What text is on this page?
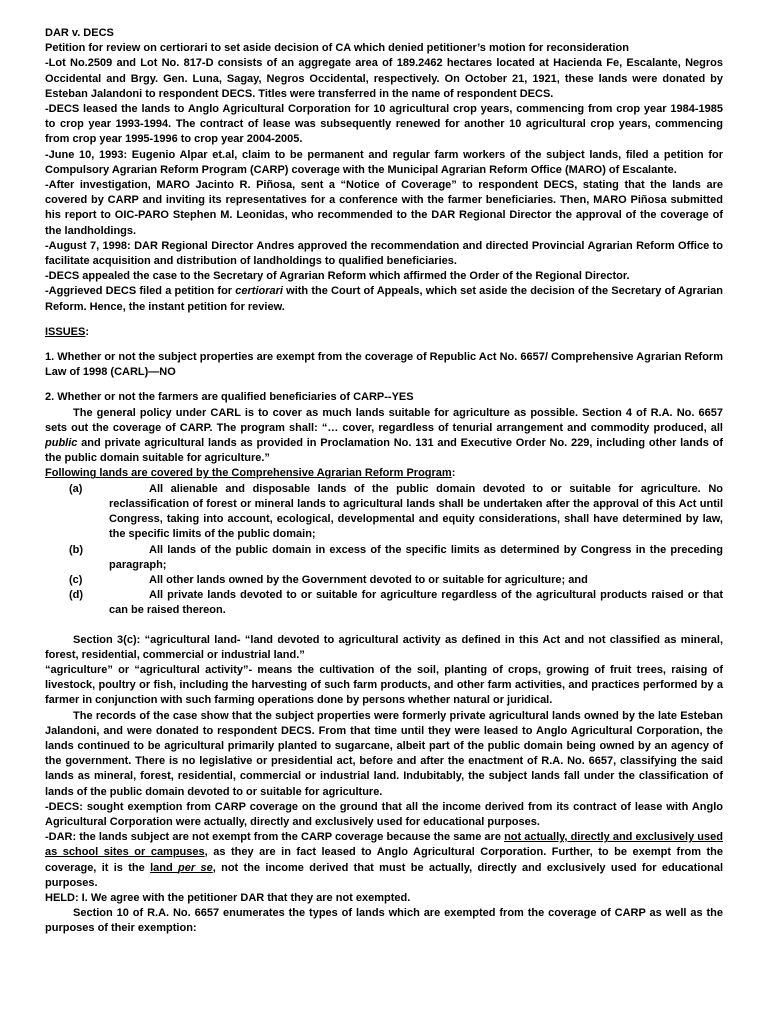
DAR v. DECS

Petition for review on certiorari to set aside decision of CA which denied petitioner’s motion for reconsideration

-Lot No.2509 and Lot No. 817-D consists of an aggregate area of 189.2462 hectares located at Hacienda Fe, Escalante, Negros Occidental and Brgy. Gen. Luna, Sagay, Negros Occidental, respectively. On October 21, 1921, these lands were donated by Esteban Jalandoni to respondent DECS. Titles were transferred in the name of respondent DECS.

-DECS leased the lands to Anglo Agricultural Corporation for 10 agricultural crop years, commencing from crop year 1984-1985 to crop year 1993-1994. The contract of lease was subsequently renewed for another 10 agricultural crop years, commencing from crop year 1995-1996 to crop year 2004-2005.

-June 10, 1993: Eugenio Alpar et.al, claim to be permanent and regular farm workers of the subject lands, filed a petition for Compulsory Agrarian Reform Program (CARP) coverage with the Municipal Agrarian Reform Office (MARO) of Escalante.

-After investigation, MARO Jacinto R. Piñosa, sent a “Notice of Coverage” to respondent DECS, stating that the lands are covered by CARP and inviting its representatives for a conference with the farmer beneficiaries. Then, MARO Piñosa submitted his report to OIC-PARO Stephen M. Leonidas, who recommended to the DAR Regional Director the approval of the coverage of the landholdings.

-August 7, 1998: DAR Regional Director Andres approved the recommendation and directed Provincial Agrarian Reform Office to facilitate acquisition and distribution of landholdings to qualified beneficiaries.

-DECS appealed the case to the Secretary of Agrarian Reform which affirmed the Order of the Regional Director.

-Aggrieved DECS filed a petition for certiorari with the Court of Appeals, which set aside the decision of the Secretary of Agrarian Reform. Hence, the instant petition for review.

ISSUES:

1. Whether or not the subject properties are exempt from the coverage of Republic Act No. 6657/ Comprehensive Agrarian Reform Law of 1998 (CARL)—NO

2. Whether or not the farmers are qualified beneficiaries of CARP--YES

The general policy under CARL is to cover as much lands suitable for agriculture as possible. Section 4 of R.A. No. 6657 sets out the coverage of CARP. The program shall: “… cover, regardless of tenurial arrangement and commodity produced, all public and private agricultural lands as provided in Proclamation No. 131 and Executive Order No. 229, including other lands of the public domain suitable for agriculture.”

Following lands are covered by the Comprehensive Agrarian Reform Program:

(a)	All alienable and disposable lands of the public domain devoted to or suitable for agriculture. No reclassification of forest or mineral lands to agricultural lands shall be undertaken after the approval of this Act until Congress, taking into account, ecological, developmental and equity considerations, shall have determined by law, the specific limits of the public domain;

(b)	All lands of the public domain in excess of the specific limits as determined by Congress in the preceding paragraph;

(c)	All other lands owned by the Government devoted to or suitable for agriculture; and

(d)	All private lands devoted to or suitable for agriculture regardless of the agricultural products raised or that can be raised thereon.

Section 3(c): “agricultural land- “land devoted to agricultural activity as defined in this Act and not classified as mineral, forest, residential, commercial or industrial land.”

“agriculture” or “agricultural activity”- means the cultivation of the soil, planting of crops, growing of fruit trees, raising of livestock, poultry or fish, including the harvesting of such farm products, and other farm activities, and practices performed by a farmer in conjunction with such farming operations done by persons whether natural or juridical.

The records of the case show that the subject properties were formerly private agricultural lands owned by the late Esteban Jalandoni, and were donated to respondent DECS. From that time until they were leased to Anglo Agricultural Corporation, the lands continued to be agricultural primarily planted to sugarcane, albeit part of the public domain being owned by an agency of the government. There is no legislative or presidential act, before and after the enactment of R.A. No. 6657, classifying the said lands as mineral, forest, residential, commercial or industrial land. Indubitably, the subject lands fall under the classification of lands of the public domain devoted to or suitable for agriculture.

-DECS: sought exemption from CARP coverage on the ground that all the income derived from its contract of lease with Anglo Agricultural Corporation were actually, directly and exclusively used for educational purposes.

-DAR: the lands subject are not exempt from the CARP coverage because the same are not actually, directly and exclusively used as school sites or campuses, as they are in fact leased to Anglo Agricultural Corporation. Further, to be exempt from the coverage, it is the land per se, not the income derived that must be actually, directly and exclusively used for educational purposes.

HELD: I. We agree with the petitioner DAR that they are not exempted.

Section 10 of R.A. No. 6657 enumerates the types of lands which are exempted from the coverage of CARP as well as the purposes of their exemption:
